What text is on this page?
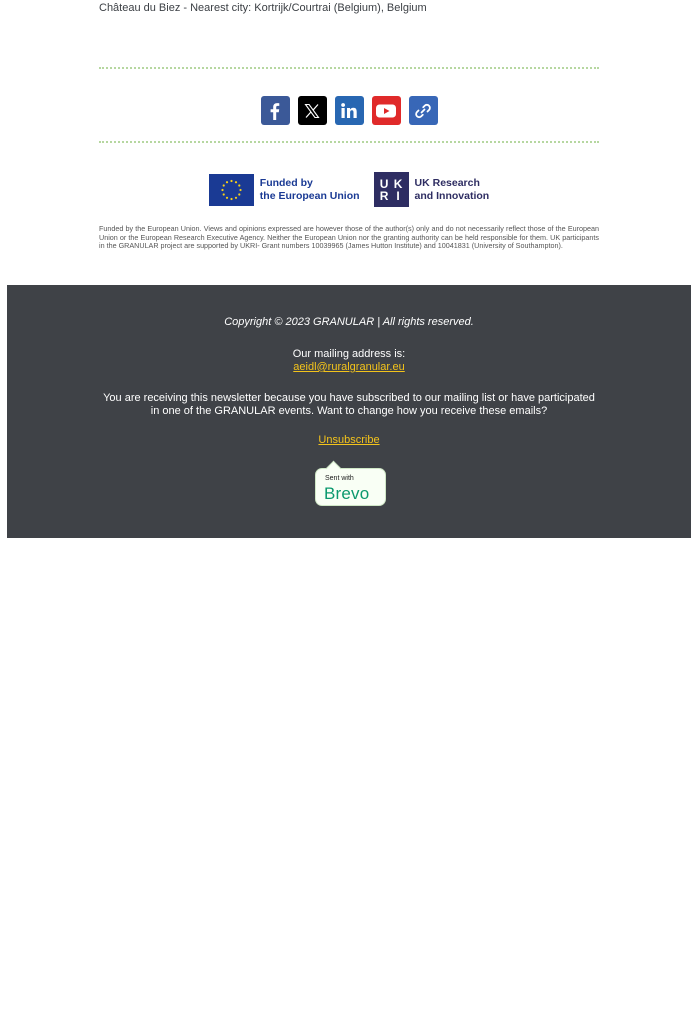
Château du Biez - Nearest city: Kortrijk/Courtrai (Belgium), Belgium
Funded by
the European Union
U K
R I
UK Research
and Innovation
Funded by the European Union. Views and opinions expressed are however those of the author(s) only and do not necessarily reflect those of the European Union or the European Research Executive Agency. Neither the European Union nor the granting authority can be held responsible for them. UK participants in the GRANULAR project are supported by UKRI- Grant numbers 10039965 (James Hutton Institute) and 10041831 (University of Southampton).
Copyright © 2023 GRANULAR | All rights reserved.
Our mailing address is:
aeidl@ruralgranular.eu
You are receiving this newsletter because you have subscribed to our mailing list or have participated in one of the GRANULAR events. Want to change how you receive these emails?
Unsubscribe
Sent with
Brevo
